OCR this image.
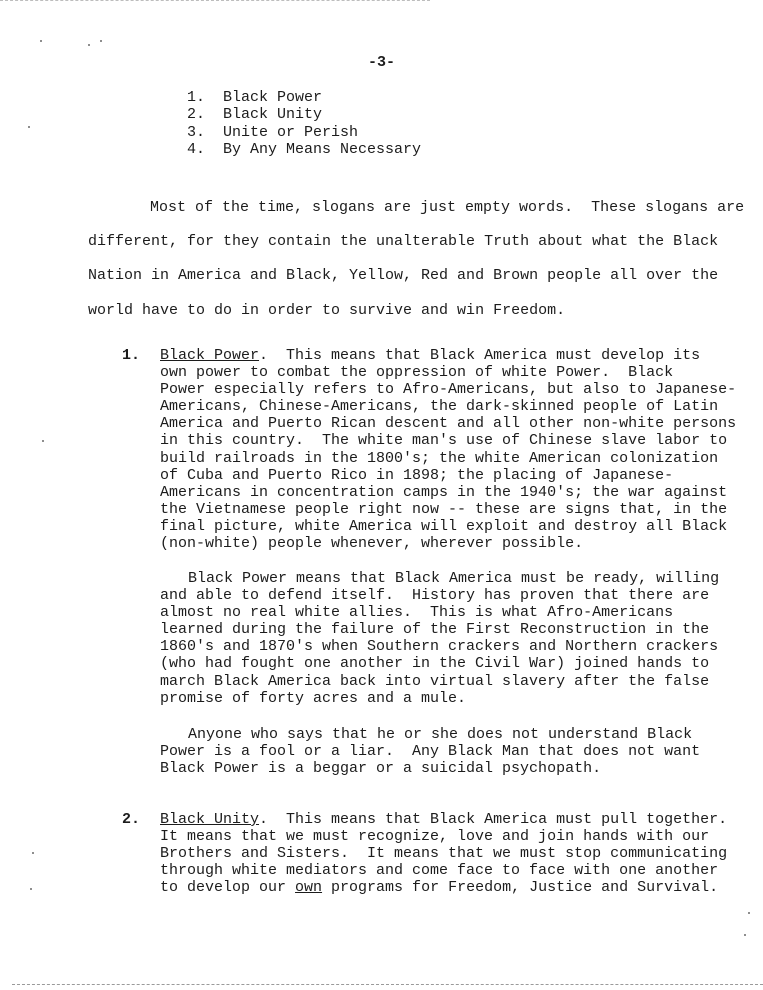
-3-
1. Black Power
2. Black Unity
3. Unite or Perish
4. By Any Means Necessary
Most of the time, slogans are just empty words.  These slogans are
different, for they contain the unalterable Truth about what the Black
Nation in America and Black, Yellow, Red and Brown people all over the
world have to do in order to survive and win Freedom.
1. Black Power.  This means that Black America must develop its
own power to combat the oppression of white Power.  Black
Power especially refers to Afro-Americans, but also to Japanese-
Americans, Chinese-Americans, the dark-skinned people of Latin
America and Puerto Rican descent and all other non-white persons
in this country.  The white man's use of Chinese slave labor to
build railroads in the 1800's; the white American colonization
of Cuba and Puerto Rico in 1898; the placing of Japanese-
Americans in concentration camps in the 1940's; the war against
the Vietnamese people right now -- these are signs that, in the
final picture, white America will exploit and destroy all Black
(non-white) people whenever, wherever possible.
Black Power means that Black America must be ready, willing
and able to defend itself.  History has proven that there are
almost no real white allies.  This is what Afro-Americans
learned during the failure of the First Reconstruction in the
1860's and 1870's when Southern crackers and Northern crackers
(who had fought one another in the Civil War) joined hands to
march Black America back into virtual slavery after the false
promise of forty acres and a mule.
Anyone who says that he or she does not understand Black
Power is a fool or a liar.  Any Black Man that does not want
Black Power is a beggar or a suicidal psychopath.
2. Black Unity.  This means that Black America must pull together.
It means that we must recognize, love and join hands with our
Brothers and Sisters.  It means that we must stop communicating
through white mediators and come face to face with one another
to develop our own programs for Freedom, Justice and Survival.
